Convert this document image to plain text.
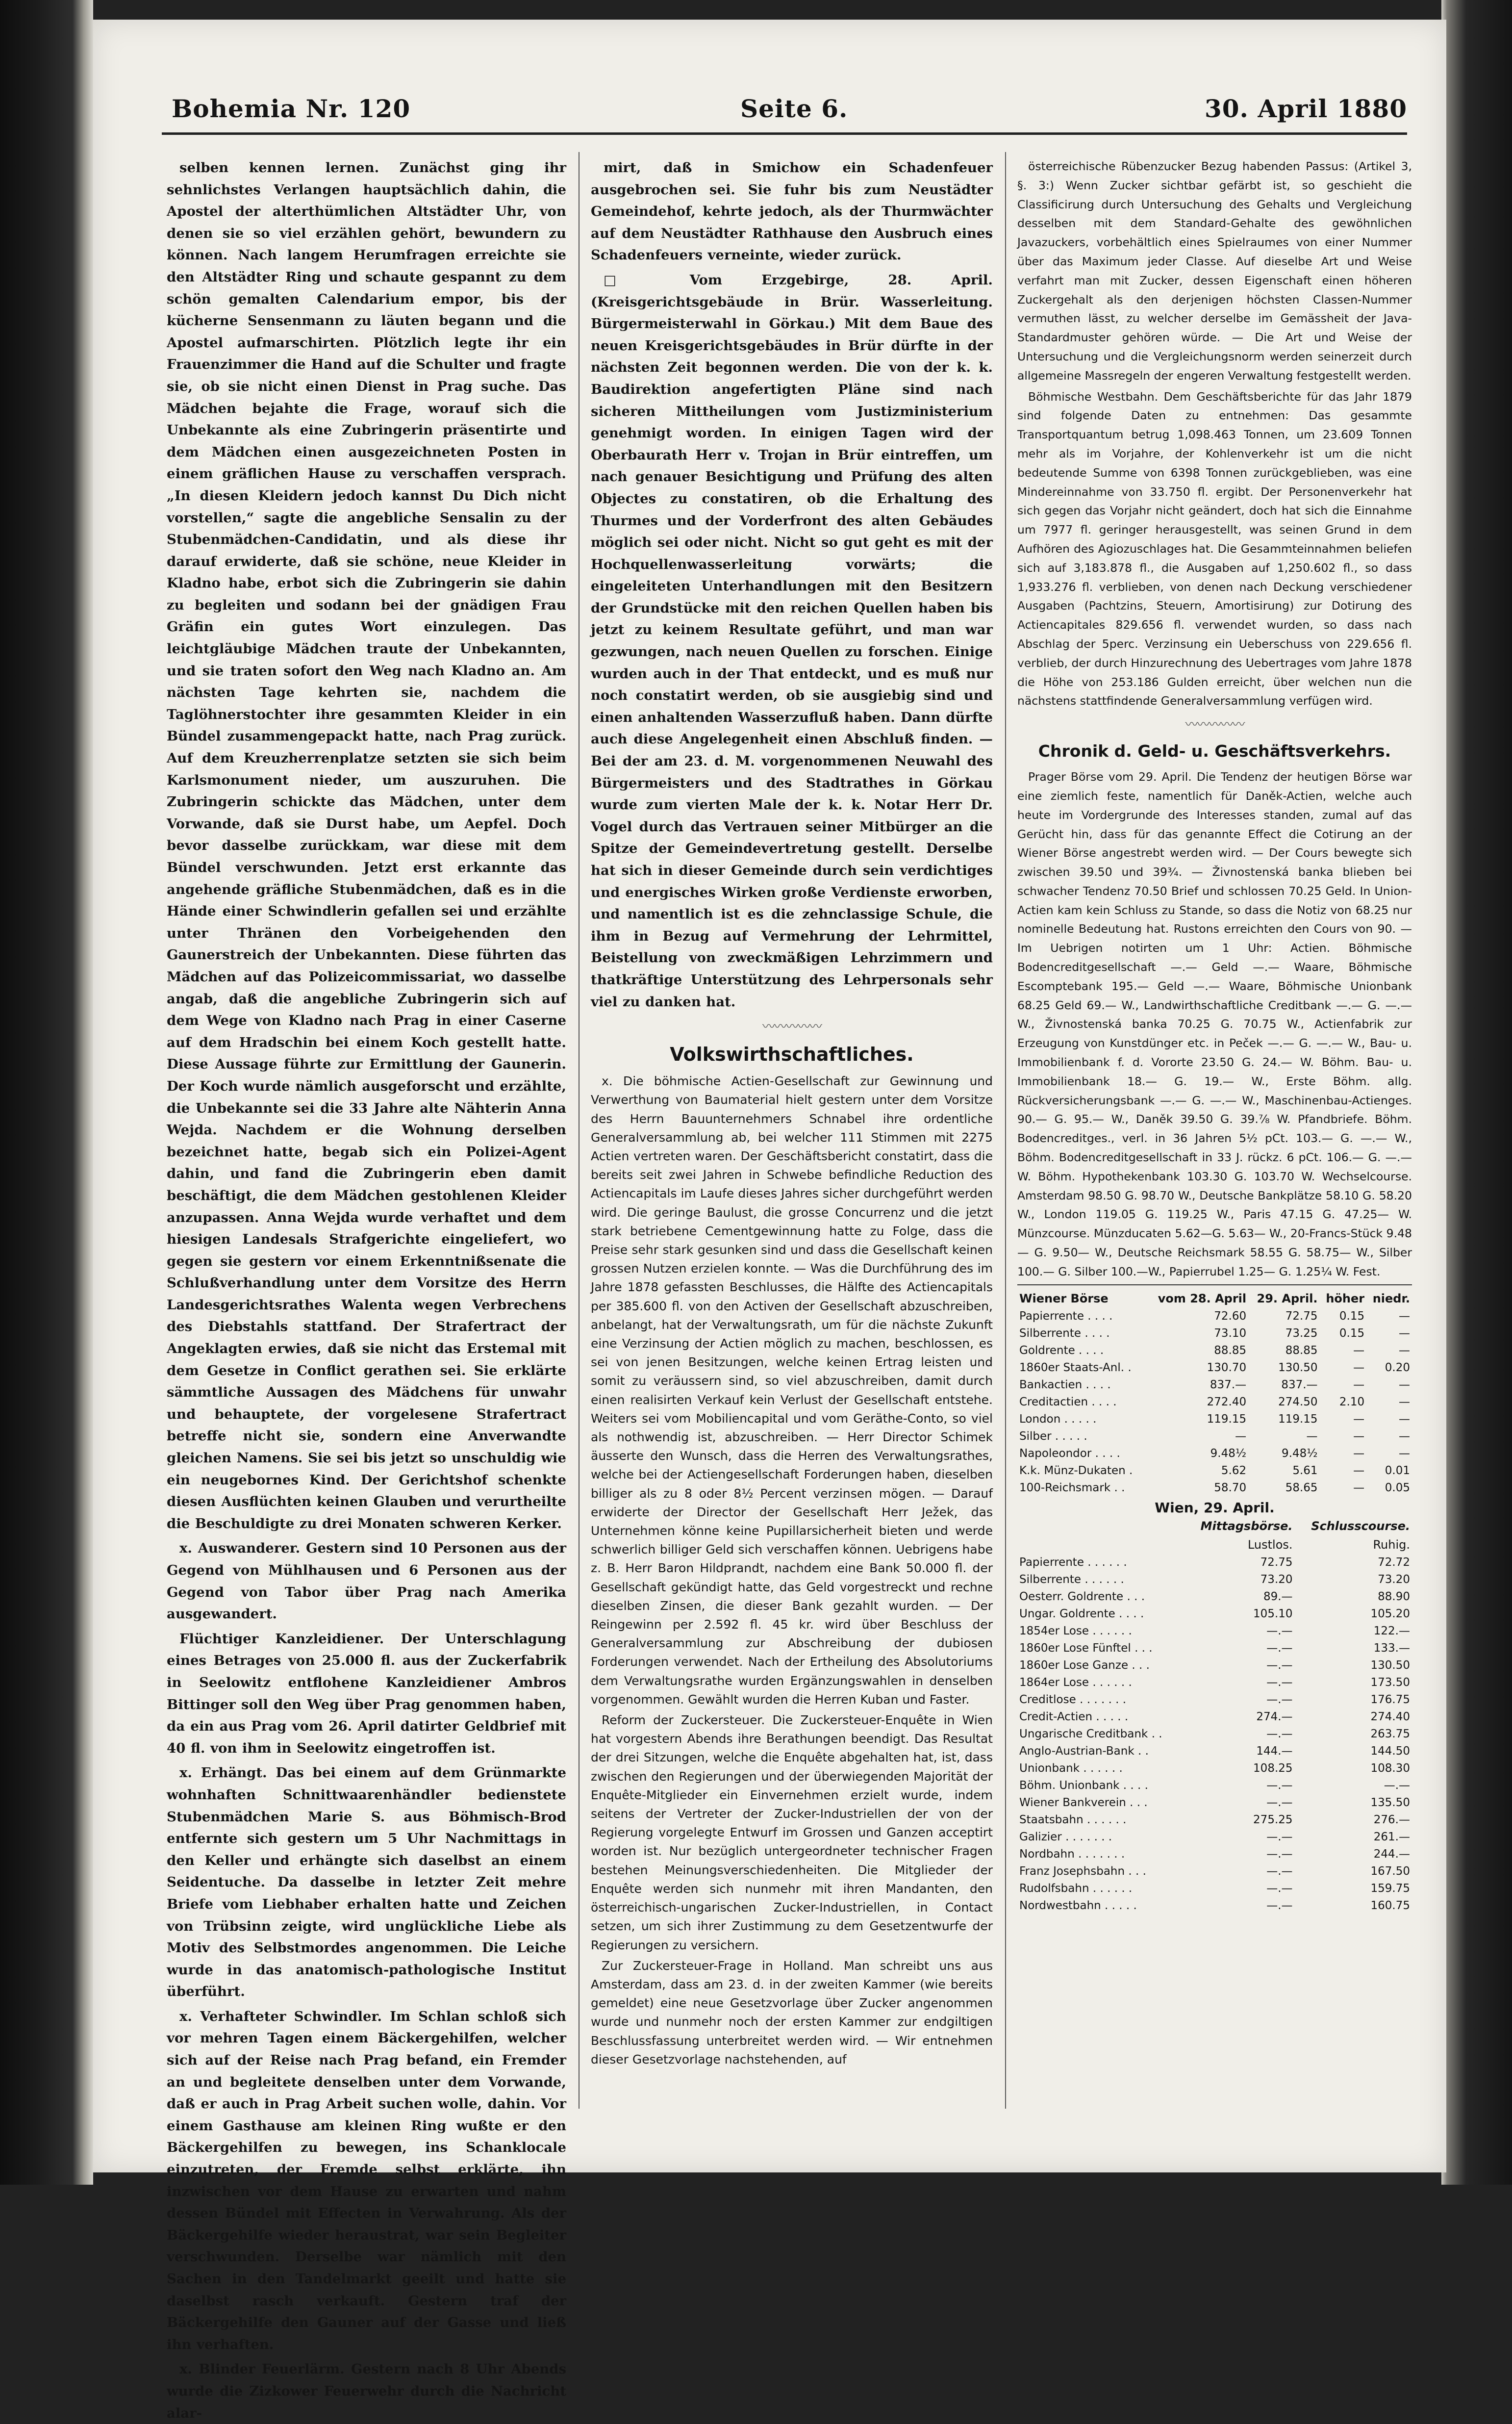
Bohemia Nr. 120	Seite 6.	30. April 1880

selben kennen lernen. Zunächst ging ihr sehnlichstes Verlangen hauptsächlich dahin, die Apostel der alterthümlichen Altstädter Uhr, von denen sie so viel erzählen gehört, bewundern zu können. Nach langem Herumfragen erreichte sie den Altstädter Ring und schaute gespannt zu dem schön gemalten Calendarium empor, bis der kücherne Sensenmann zu läuten begann und die Apostel aufmarschirten. Plötzlich legte ihr ein Frauenzimmer die Hand auf die Schulter und fragte sie, ob sie nicht einen Dienst in Prag suche. Das Mädchen bejahte die Frage, worauf sich die Unbekannte als eine Zubringerin präsentirte und dem Mädchen einen ausgezeichneten Posten in einem gräflichen Hause zu verschaffen versprach. „In diesen Kleidern jedoch kannst Du Dich nicht vorstellen,“ sagte die angebliche Sensalin zu der Stubenmädchen-Candidatin, und als diese ihr darauf erwiderte, daß sie schöne, neue Kleider in Kladno habe, erbot sich die Zubringerin sie dahin zu begleiten und sodann bei der gnädigen Frau Gräfin ein gutes Wort einzulegen. Das leichtgläubige Mädchen traute der Unbekannten, und sie traten sofort den Weg nach Kladno an. Am nächsten Tage kehrten sie, nachdem die Taglöhnerstochter ihre gesammten Kleider in ein Bündel zusammengepackt hatte, nach Prag zurück. Auf dem Kreuzherrenplatze setzten sie sich beim Karlsmonument nieder, um auszuruhen. Die Zubringerin schickte das Mädchen, unter dem Vorwande, daß sie Durst habe, um Aepfel. Doch bevor dasselbe zurückkam, war diese mit dem Bündel verschwunden. Jetzt erst erkannte das angehende gräfliche Stubenmädchen, daß es in die Hände einer Schwindlerin gefallen sei und erzählte unter Thränen den Vorbeigehenden den Gaunerstreich der Unbekannten. Diese führten das Mädchen auf das Polizeicommissariat, wo dasselbe angab, daß die angebliche Zubringerin sich auf dem Wege von Kladno nach Prag in einer Caserne auf dem Hradschin bei einem Koch gestellt hatte. Diese Aussage führte zur Ermittlung der Gaunerin. Der Koch wurde nämlich ausgeforscht und erzählte, die Unbekannte sei die 33 Jahre alte Nähterin Anna Wejda. Nachdem er die Wohnung derselben bezeichnet hatte, begab sich ein Polizei-Agent dahin, und fand die Zubringerin eben damit beschäftigt, die dem Mädchen gestohlenen Kleider anzupassen. Anna Wejda wurde verhaftet und dem hiesigen Landesals Strafgerichte eingeliefert, wo gegen sie gestern vor einem Erkenntnißsenate die Schlußverhandlung unter dem Vorsitze des Herrn Landesgerichtsrathes Walenta wegen Verbrechens des Diebstahls stattfand. Der Strafertract der Angeklagten erwies, daß sie nicht das Erstemal mit dem Gesetze in Conflict gerathen sei. Sie erklärte sämmtliche Aussagen des Mädchens für unwahr und behauptete, der vorgelesene Strafertract betreffe nicht sie, sondern eine Anverwandte gleichen Namens. Sie sei bis jetzt so unschuldig wie ein neugebornes Kind. Der Gerichtshof schenkte diesen Ausflüchten keinen Glauben und verurtheilte die Beschuldigte zu drei Monaten schweren Kerker.

x. Auswanderer. Gestern sind 10 Personen aus der Gegend von Mühlhausen und 6 Personen aus der Gegend von Tabor über Prag nach Amerika ausgewandert.

Flüchtiger Kanzleidiener. Der Unterschlagung eines Betrages von 25.000 fl. aus der Zuckerfabrik in Seelowitz entflohene Kanzleidiener Ambros Bittinger soll den Weg über Prag genommen haben, da ein aus Prag vom 26. April datirter Geldbrief mit 40 fl. von ihm in Seelowitz eingetroffen ist.

x. Erhängt. Das bei einem auf dem Grünmarkte wohnhaften Schnittwaarenhändler bedienstete Stubenmädchen Marie S. aus Böhmisch-Brod entfernte sich gestern um 5 Uhr Nachmittags in den Keller und erhängte sich daselbst an einem Seidentuche. Da dasselbe in letzter Zeit mehre Briefe vom Liebhaber erhalten hatte und Zeichen von Trübsinn zeigte, wird unglückliche Liebe als Motiv des Selbstmordes angenommen. Die Leiche wurde in das anatomisch-pathologische Institut überführt.

x. Verhafteter Schwindler. Im Schlan schloß sich vor mehren Tagen einem Bäckergehilfen, welcher sich auf der Reise nach Prag befand, ein Fremder an und begleitete denselben unter dem Vorwande, daß er auch in Prag Arbeit suchen wolle, dahin. Vor einem Gasthause am kleinen Ring wußte er den Bäckergehilfen zu bewegen, ins Schanklocale einzutreten, der Fremde selbst erklärte, ihn inzwischen vor dem Hause zu erwarten und nahm dessen Bündel mit Effecten in Verwahrung. Als der Bäckergehilfe wieder heraustrat, war sein Begleiter verschwunden. Derselbe war nämlich mit den Sachen in den Tandelmarkt geeilt und hatte sie daselbst rasch verkauft. Gestern traf der Bäckergehilfe den Gauner auf der Gasse und ließ ihn verhaften.

x. Blinder Feuerlärm. Gestern nach 8 Uhr Abends wurde die Zizkower Feuerwehr durch die Nachricht alar-

mirt, daß in Smichow ein Schadenfeuer ausgebrochen sei. Sie fuhr bis zum Neustädter Gemeindehof, kehrte jedoch, als der Thurmwächter auf dem Neustädter Rathhause den Ausbruch eines Schadenfeuers verneinte, wieder zurück.

□ Vom Erzgebirge, 28. April. (Kreisgerichtsgebäude in Brür. Wasserleitung. Bürgermeisterwahl in Görkau.) Mit dem Baue des neuen Kreisgerichtsgebäudes in Brür dürfte in der nächsten Zeit begonnen werden. Die von der k. k. Baudirektion angefertigten Pläne sind nach sicheren Mittheilungen vom Justizministerium genehmigt worden. In einigen Tagen wird der Oberbaurath Herr v. Trojan in Brür eintreffen, um nach genauer Besichtigung und Prüfung des alten Objectes zu constatiren, ob die Erhaltung des Thurmes und der Vorderfront des alten Gebäudes möglich sei oder nicht. Nicht so gut geht es mit der Hochquellenwasserleitung vorwärts; die eingeleiteten Unterhandlungen mit den Besitzern der Grundstücke mit den reichen Quellen haben bis jetzt zu keinem Resultate geführt, und man war gezwungen, nach neuen Quellen zu forschen. Einige wurden auch in der That entdeckt, und es muß nur noch constatirt werden, ob sie ausgiebig sind und einen anhaltenden Wasserzufluß haben. Dann dürfte auch diese Angelegenheit einen Abschluß finden. — Bei der am 23. d. M. vorgenommenen Neuwahl des Bürgermeisters und des Stadtrathes in Görkau wurde zum vierten Male der k. k. Notar Herr Dr. Vogel durch das Vertrauen seiner Mitbürger an die Spitze der Gemeindevertretung gestellt. Derselbe hat sich in dieser Gemeinde durch sein verdichtiges und energisches Wirken große Verdienste erworben, und namentlich ist es die zehnclassige Schule, die ihm in Bezug auf Vermehrung der Lehrmittel, Beistellung von zweckmäßigen Lehrzimmern und thatkräftige Unterstützung des Lehrpersonals sehr viel zu danken hat.

〰〰〰〰〰
Volkswirthschaftliches.

x. Die böhmische Actien-Gesellschaft zur Gewinnung und Verwerthung von Baumaterial hielt gestern unter dem Vorsitze des Herrn Bauunternehmers Schnabel ihre ordentliche Generalversammlung ab, bei welcher 111 Stimmen mit 2275 Actien vertreten waren. Der Geschäftsbericht constatirt, dass die bereits seit zwei Jahren in Schwebe befindliche Reduction des Actiencapitals im Laufe dieses Jahres sicher durchgeführt werden wird. Die geringe Baulust, die grosse Concurrenz und die jetzt stark betriebene Cementgewinnung hatte zu Folge, dass die Preise sehr stark gesunken sind und dass die Gesellschaft keinen grossen Nutzen erzielen konnte. — Was die Durchführung des im Jahre 1878 gefassten Beschlusses, die Hälfte des Actiencapitals per 385.600 fl. von den Activen der Gesellschaft abzuschreiben, anbelangt, hat der Verwaltungsrath, um für die nächste Zukunft eine Verzinsung der Actien möglich zu machen, beschlossen, es sei von jenen Besitzungen, welche keinen Ertrag leisten und somit zu veräussern sind, so viel abzuschreiben, damit durch einen realisirten Verkauf kein Verlust der Gesellschaft entstehe. Weiters sei vom Mobiliencapital und vom Geräthe-Conto, so viel als nothwendig ist, abzuschreiben. — Herr Director Schimek äusserte den Wunsch, dass die Herren des Verwaltungsrathes, welche bei der Actiengesellschaft Forderungen haben, dieselben billiger als zu 8 oder 8½ Percent verzinsen mögen. — Darauf erwiderte der Director der Gesellschaft Herr Ježek, das Unternehmen könne keine Pupillarsicherheit bieten und werde schwerlich billiger Geld sich verschaffen können. Uebrigens habe z. B. Herr Baron Hildprandt, nachdem eine Bank 50.000 fl. der Gesellschaft gekündigt hatte, das Geld vorgestreckt und rechne dieselben Zinsen, die dieser Bank gezahlt wurden. — Der Reingewinn per 2.592 fl. 45 kr. wird über Beschluss der Generalversammlung zur Abschreibung der dubiosen Forderungen verwendet. Nach der Ertheilung des Absolutoriums dem Verwaltungsrathe wurden Ergänzungswahlen in denselben vorgenommen. Gewählt wurden die Herren Kuban und Faster.

Reform der Zuckersteuer. Die Zuckersteuer-Enquête in Wien hat vorgestern Abends ihre Berathungen beendigt. Das Resultat der drei Sitzungen, welche die Enquête abgehalten hat, ist, dass zwischen den Regierungen und der überwiegenden Majorität der Enquête-Mitglieder ein Einvernehmen erzielt wurde, indem seitens der Vertreter der Zucker-Industriellen der von der Regierung vorgelegte Entwurf im Grossen und Ganzen acceptirt worden ist. Nur bezüglich untergeordneter technischer Fragen bestehen Meinungsverschiedenheiten. Die Mitglieder der Enquête werden sich nunmehr mit ihren Mandanten, den österreichisch-ungarischen Zucker-Industriellen, in Contact setzen, um sich ihrer Zustimmung zu dem Gesetzentwurfe der Regierungen zu versichern.

Zur Zuckersteuer-Frage in Holland. Man schreibt uns aus Amsterdam, dass am 23. d. in der zweiten Kammer (wie bereits gemeldet) eine neue Gesetzvorlage über Zucker angenommen wurde und nunmehr noch der ersten Kammer zur endgiltigen Beschlussfassung unterbreitet werden wird. — Wir entnehmen dieser Gesetzvorlage nachstehenden, auf

österreichische Rübenzucker Bezug habenden Passus: (Artikel 3, §. 3:) Wenn Zucker sichtbar gefärbt ist, so geschieht die Classificirung durch Untersuchung des Gehalts und Vergleichung desselben mit dem Standard-Gehalte des gewöhnlichen Javazuckers, vorbehältlich eines Spielraumes von einer Nummer über das Maximum jeder Classe. Auf dieselbe Art und Weise verfahrt man mit Zucker, dessen Eigenschaft einen höheren Zuckergehalt als den derjenigen höchsten Classen-Nummer vermuthen lässt, zu welcher derselbe im Gemässheit der Java-Standardmuster gehören würde. — Die Art und Weise der Untersuchung und die Vergleichungsnorm werden seinerzeit durch allgemeine Massregeln der engeren Verwaltung festgestellt werden.

Böhmische Westbahn. Dem Geschäftsberichte für das Jahr 1879 sind folgende Daten zu entnehmen: Das gesammte Transportquantum betrug 1,098.463 Tonnen, um 23.609 Tonnen mehr als im Vorjahre, der Kohlenverkehr ist um die nicht bedeutende Summe von 6398 Tonnen zurückgeblieben, was eine Mindereinnahme von 33.750 fl. ergibt. Der Personenverkehr hat sich gegen das Vorjahr nicht geändert, doch hat sich die Einnahme um 7977 fl. geringer herausgestellt, was seinen Grund in dem Aufhören des Agiozuschlages hat. Die Gesammteinnahmen beliefen sich auf 3,183.878 fl., die Ausgaben auf 1,250.602 fl., so dass 1,933.276 fl. verblieben, von denen nach Deckung verschiedener Ausgaben (Pachtzins, Steuern, Amortisirung) zur Dotirung des Actiencapitales 829.656 fl. verwendet wurden, so dass nach Abschlag der 5perc. Verzinsung ein Ueberschuss von 229.656 fl. verblieb, der durch Hinzurechnung des Uebertrages vom Jahre 1878 die Höhe von 253.186 Gulden erreicht, über welchen nun die nächstens stattfindende Generalversammlung verfügen wird.

〰〰〰〰〰
Chronik d. Geld- u. Geschäftsverkehrs.

Prager Börse vom 29. April. Die Tendenz der heutigen Börse war eine ziemlich feste, namentlich für Daněk-Actien, welche auch heute im Vordergrunde des Interesses standen, zumal auf das Gerücht hin, dass für das genannte Effect die Cotirung an der Wiener Börse angestrebt werden wird. — Der Cours bewegte sich zwischen 39.50 und 39¾. — Živnostenská banka blieben bei schwacher Tendenz 70.50 Brief und schlossen 70.25 Geld. In Union-Actien kam kein Schluss zu Stande, so dass die Notiz von 68.25 nur nominelle Bedeutung hat. Rustons erreichten den Cours von 90. — Im Uebrigen notirten um 1 Uhr: Actien. Böhmische Bodencreditgesellschaft —.— Geld —.— Waare, Böhmische Escomptebank 195.— Geld —.— Waare, Böhmische Unionbank 68.25 Geld 69.— W., Landwirthschaftliche Creditbank —.— G. —.— W., Živnostenská banka 70.25 G. 70.75 W., Actienfabrik zur Erzeugung von Kunstdünger etc. in Peček —.— G. —.— W., Bau- u. Immobilienbank f. d. Vororte 23.50 G. 24.— W. Böhm. Bau- u. Immobilienbank 18.— G. 19.— W., Erste Böhm. allg. Rückversicherungsbank —.— G. —.— W., Maschinenbau-Actienges. 90.— G. 95.— W., Daněk 39.50 G. 39.⅞ W. Pfandbriefe. Böhm. Bodencreditges., verl. in 36 Jahren 5½ pCt. 103.— G. —.— W., Böhm. Bodencreditgesellschaft in 33 J. rückz. 6 pCt. 106.— G. —.— W. Böhm. Hypothekenbank 103.30 G. 103.70 W. Wechselcourse. Amsterdam 98.50 G. 98.70 W., Deutsche Bankplätze 58.10 G. 58.20 W., London 119.05 G. 119.25 W., Paris 47.15 G. 47.25— W. Münzcourse. Münzducaten 5.62—G. 5.63— W., 20-Francs-Stück 9.48— G. 9.50— W., Deutsche Reichsmark 58.55 G. 58.75— W., Silber 100.— G. Silber 100.—W., Papierrubel 1.25— G. 1.25¼ W. Fest.

Wiener Börse	vom 28. April	29. April.	höher	niedr.
Papierrente . . . .	72.60	72.75	0.15	—
Silberrente . . . .	73.10	73.25	0.15	—
Goldrente . . . .	88.85	88.85	—	—
1860er Staats-Anl. .	130.70	130.50	—	0.20
Bankactien . . . .	837.—	837.—	—	—
Creditactien . . . .	272.40	274.50	2.10	—
London . . . . .	119.15	119.15	—	—
Silber . . . . .	—	—	—	—
Napoleondor . . . .	9.48½	9.48½	—	—
K.k. Münz-Dukaten .	5.62	5.61	—	0.01
100-Reichsmark . .	58.70	58.65	—	0.05
Wien, 29. April.
	Mittagsbörse.	Schlusscourse.
	Lustlos.	Ruhig.
Papierrente . . . . . .	72.75	72.72
Silberrente . . . . . .	73.20	73.20
Oesterr. Goldrente . . .	89.—	88.90
Ungar. Goldrente . . . .	105.10	105.20
1854er Lose . . . . . .	—.—	122.—
1860er Lose Fünftel . . .	—.—	133.—
1860er Lose Ganze . . .	—.—	130.50
1864er Lose . . . . . .	—.—	173.50
Creditlose . . . . . . .	—.—	176.75
Credit-Actien . . . . .	274.—	274.40
Ungarische Creditbank . .	—.—	263.75
Anglo-Austrian-Bank . .	144.—	144.50
Unionbank . . . . . .	108.25	108.30
Böhm. Unionbank . . . .	—.—	—.—
Wiener Bankverein . . .	—.—	135.50
Staatsbahn . . . . . .	275.25	276.—
Galizier . . . . . . .	—.—	261.—
Nordbahn . . . . . . .	—.—	244.—
Franz Josephsbahn . . .	—.—	167.50
Rudolfsbahn . . . . . .	—.—	159.75
Nordwestbahn . . . . .	—.—	160.75
